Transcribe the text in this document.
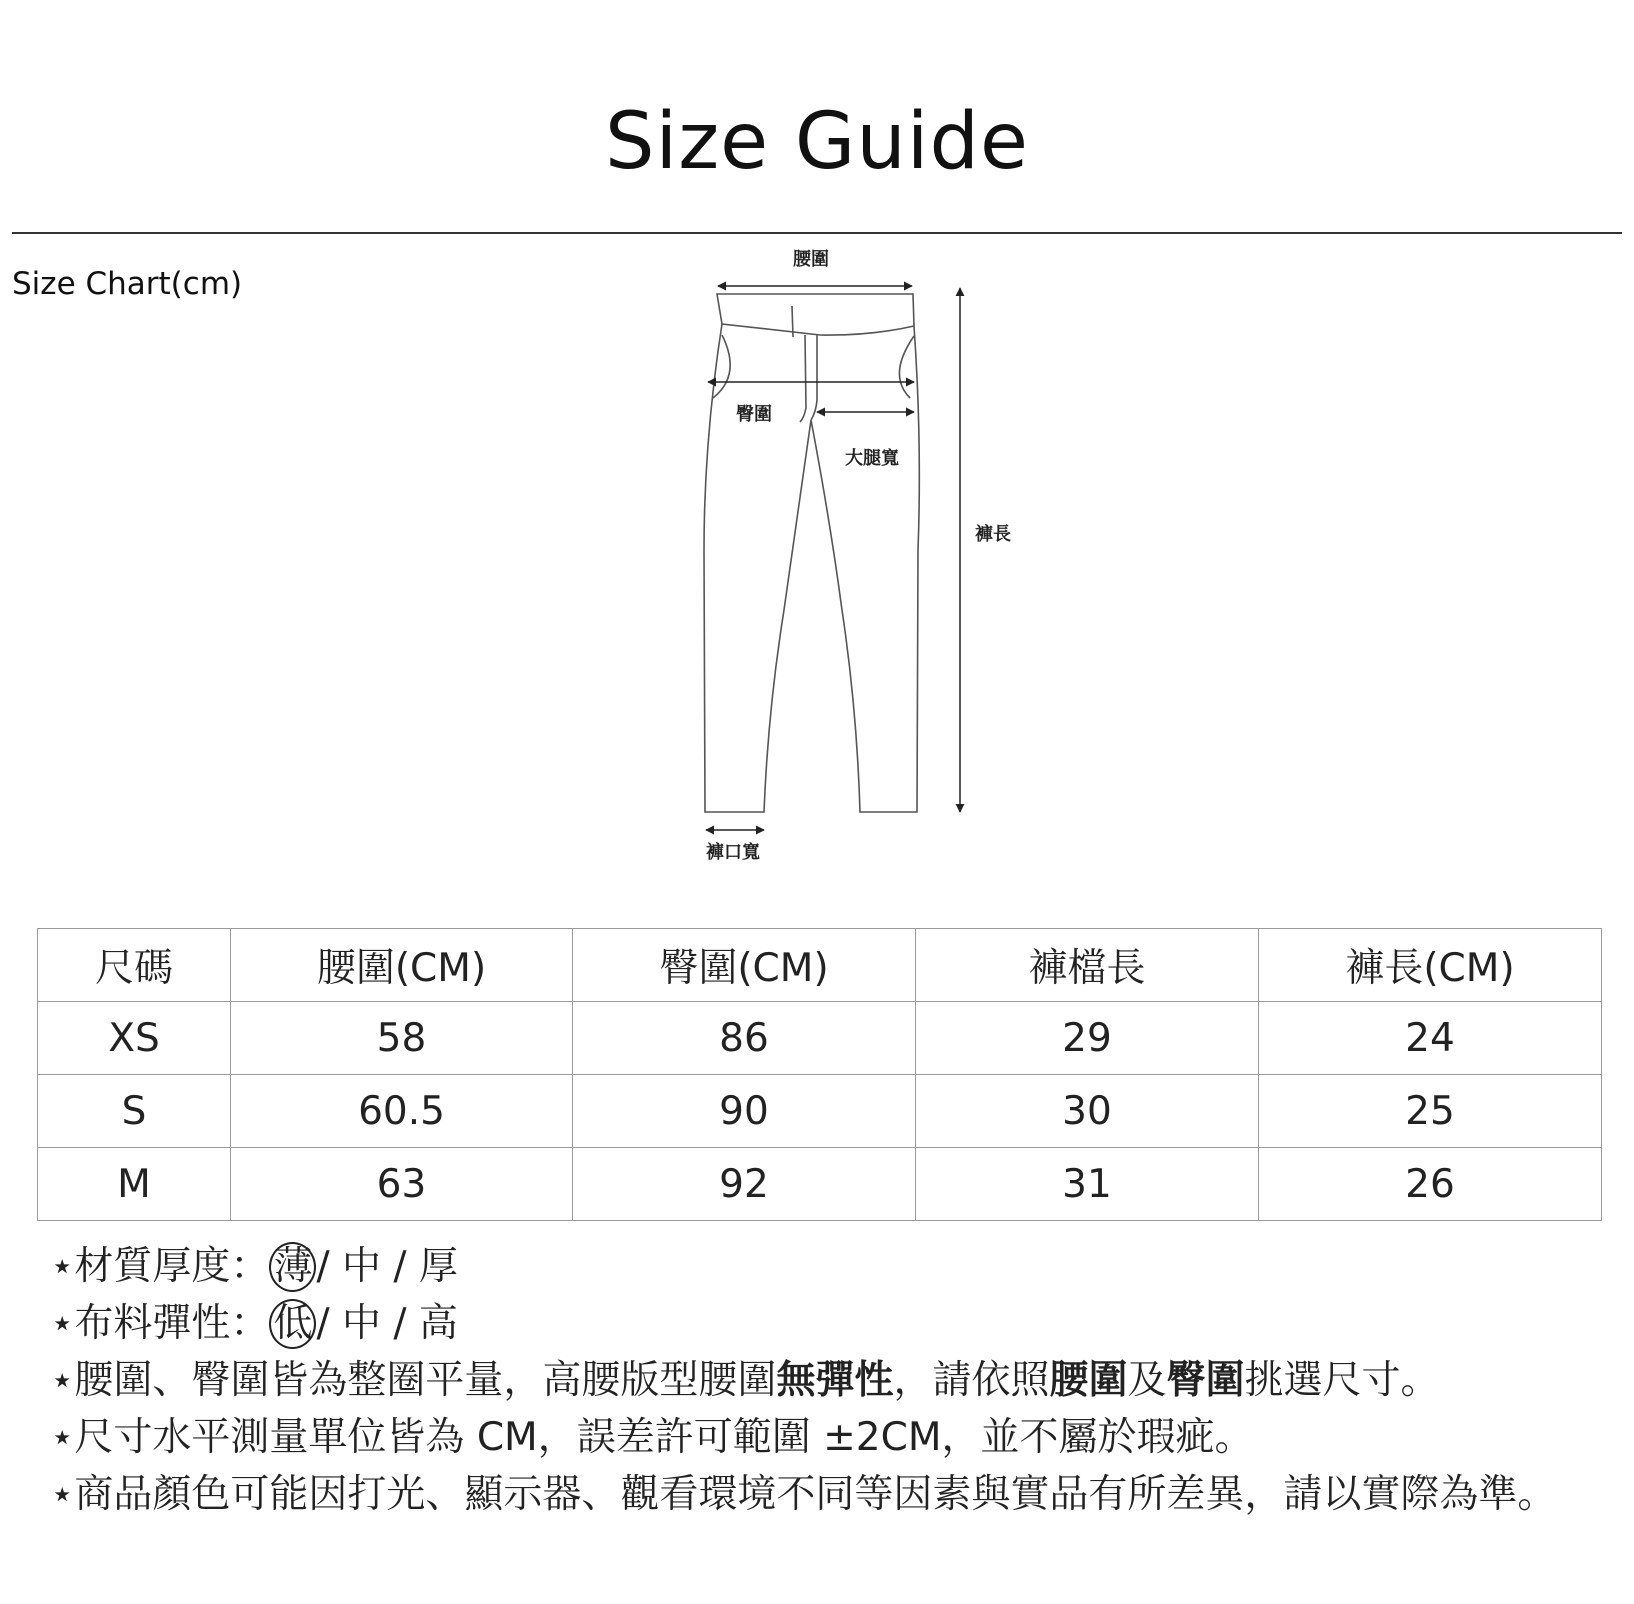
Size Guide
Size Chart(cm)
腰圍
臀圍
大腿寬
褲長
褲口寬
尺碼	腰圍(CM)	臀圍(CM)	褲檔長	褲長(CM)
XS	58	86	29	24
S	60.5	90	30	25
M	63	92	31	26
⋆材質厚度： 薄 / 中 / 厚
⋆布料彈性： 低 / 中 / 高
⋆腰圍、臀圍皆為整圈平量，高腰版型腰圍無彈性，請依照腰圍及臀圍挑選尺寸。
⋆尺寸水平測量單位皆為 CM，誤差許可範圍 ±2CM，並不屬於瑕疵。
⋆商品顏色可能因打光、顯示器、觀看環境不同等因素與實品有所差異，請以實際為準。
